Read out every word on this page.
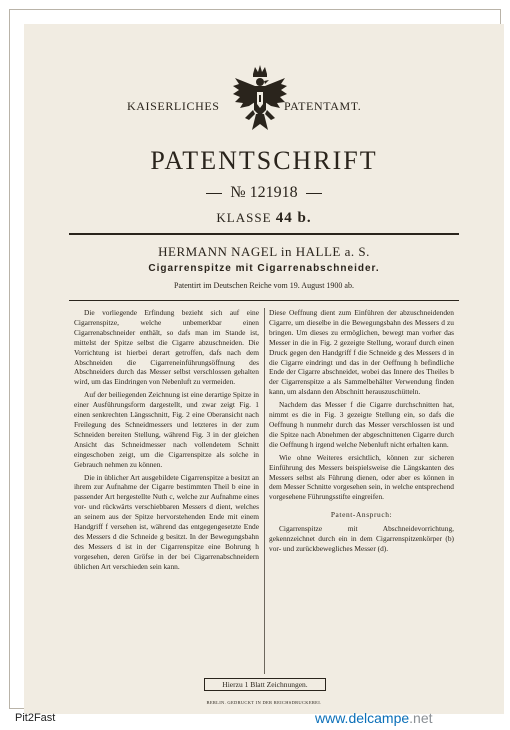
KAISERLICHES	PATENTAMT.
PATENTSCHRIFT
№ 121918
KLASSE 44 b.
HERMANN NAGEL in HALLE a. S.
Cigarrenspitze mit Cigarrenabschneider.
Patentirt im Deutschen Reiche vom 19. August 1900 ab.

Die vorliegende Erfindung bezieht sich auf eine Cigarrenspitze, welche unbemerkbar einen Cigarrenabschneider enthält, so dafs man im Stande ist, mittelst der Spitze selbst die Cigarre abzuschneiden. Die Vorrichtung ist hierbei derart getroffen, dafs nach dem Abschneiden die Cigarreneinführungsöffnung des Abschneiders durch das Messer selbst verschlossen gehalten wird, um das Eindringen von Nebenluft zu vermeiden.

Auf der beiliegenden Zeichnung ist eine derartige Spitze in einer Ausführungsform dargestellt, und zwar zeigt Fig. 1 einen senkrechten Längsschnitt, Fig. 2 eine Oberansicht nach Freilegung des Schneidmessers und letzteres in der zum Schneiden bereiten Stellung, während Fig. 3 in der gleichen Ansicht das Schneidmesser nach vollendetem Schnitt eingeschoben zeigt, um die Cigarrenspitze als solche in Gebrauch nehmen zu können.

Die in üblicher Art ausgebildete Cigarrenspitze a besitzt an ihrem zur Aufnahme der Cigarre bestimmten Theil b eine in passender Art hergestellte Nuth c, welche zur Aufnahme eines vor- und rückwärts verschiebbaren Messers d dient, welches an seinem aus der Spitze hervorstehenden Ende mit einem Handgriff f versehen ist, während das entgegengesetzte Ende des Messers d die Schneide g besitzt. In der Bewegungsbahn des Messers d ist in der Cigarrenspitze eine Bohrung h vorgesehen, deren Gröfse in der bei Cigarrenabschneidern üblichen Art verschieden sein kann.

Diese Oeffnung dient zum Einführen der abzuschneidenden Cigarre, um dieselbe in die Bewegungsbahn des Messers d zu bringen. Um dieses zu ermöglichen, bewegt man vorher das Messer in die in Fig. 2 gezeigte Stellung, worauf durch einen Druck gegen den Handgriff f die Schneide g des Messers d in die Cigarre eindringt und das in der Oeffnung h befindliche Ende der Cigarre abschneidet, wobei das Innere des Theiles b der Cigarrenspitze a als Sammelbehälter Verwendung finden kann, um alsdann den Abschnitt herauszuschütteln.

Nachdem das Messer f die Cigarre durchschnitten hat, nimmt es die in Fig. 3 gezeigte Stellung ein, so dafs die Oeffnung h nunmehr durch das Messer verschlossen ist und die Spitze nach Abnehmen der abgeschnittenen Cigarre durch die Oeffnung h irgend welche Nebenluft nicht erhalten kann.

Wie ohne Weiteres ersichtlich, können zur sicheren Einführung des Messers beispielsweise die Längskanten des Messers selbst als Führung dienen, oder aber es können in dem Messer Schnitte vorgesehen sein, in welche entsprechend vorgesehene Führungsstifte eingreifen.

Patent-Anspruch:

Cigarrenspitze mit Abschneidevorrichtung, gekennzeichnet durch ein in dem Cigarrenspitzenkörper (b) vor- und zurückbewegliches Messer (d).

Hierzu 1 Blatt Zeichnungen.
BERLIN. GEDRUCKT IN DER REICHSDRUCKEREI.
Pit2Fast	www.delcampe.net
